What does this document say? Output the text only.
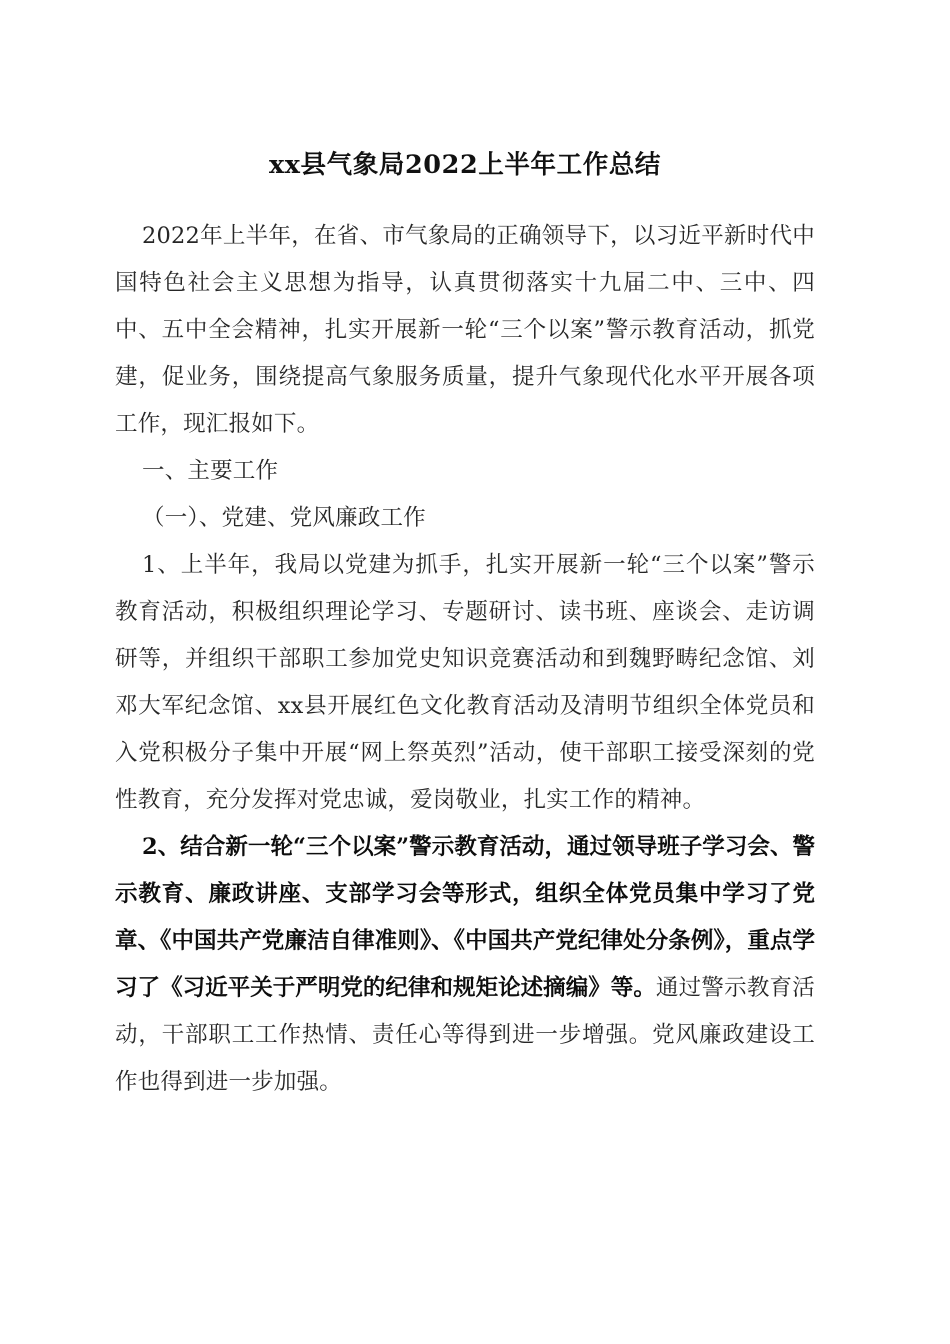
xx县气象局2022上半年工作总结

2022年上半年，在省、市气象局的正确领导下，以习近平新时代中国特色社会主义思想为指导，认真贯彻落实十九届二中、三中、四中、五中全会精神，扎实开展新一轮“三个以案”警示教育活动，抓党建，促业务，围绕提高气象服务质量，提升气象现代化水平开展各项工作，现汇报如下。

一、主要工作

（一）、党建、党风廉政工作

1、上半年，我局以党建为抓手，扎实开展新一轮“三个以案”警示教育活动，积极组织理论学习、专题研讨、读书班、座谈会、走访调研等，并组织干部职工参加党史知识竞赛活动和到魏野畴纪念馆、刘邓大军纪念馆、xx县开展红色文化教育活动及清明节组织全体党员和入党积极分子集中开展“网上祭英烈”活动，使干部职工接受深刻的党性教育，充分发挥对党忠诚，爱岗敬业，扎实工作的精神。

2、结合新一轮“三个以案”警示教育活动，通过领导班子学习会、警示教育、廉政讲座、支部学习会等形式，组织全体党员集中学习了党章、《中国共产党廉洁自律准则》、《中国共产党纪律处分条例》，重点学习了《习近平关于严明党的纪律和规矩论述摘编》等。通过警示教育活动，干部职工工作热情、责任心等得到进一步增强。党风廉政建设工作也得到进一步加强。
